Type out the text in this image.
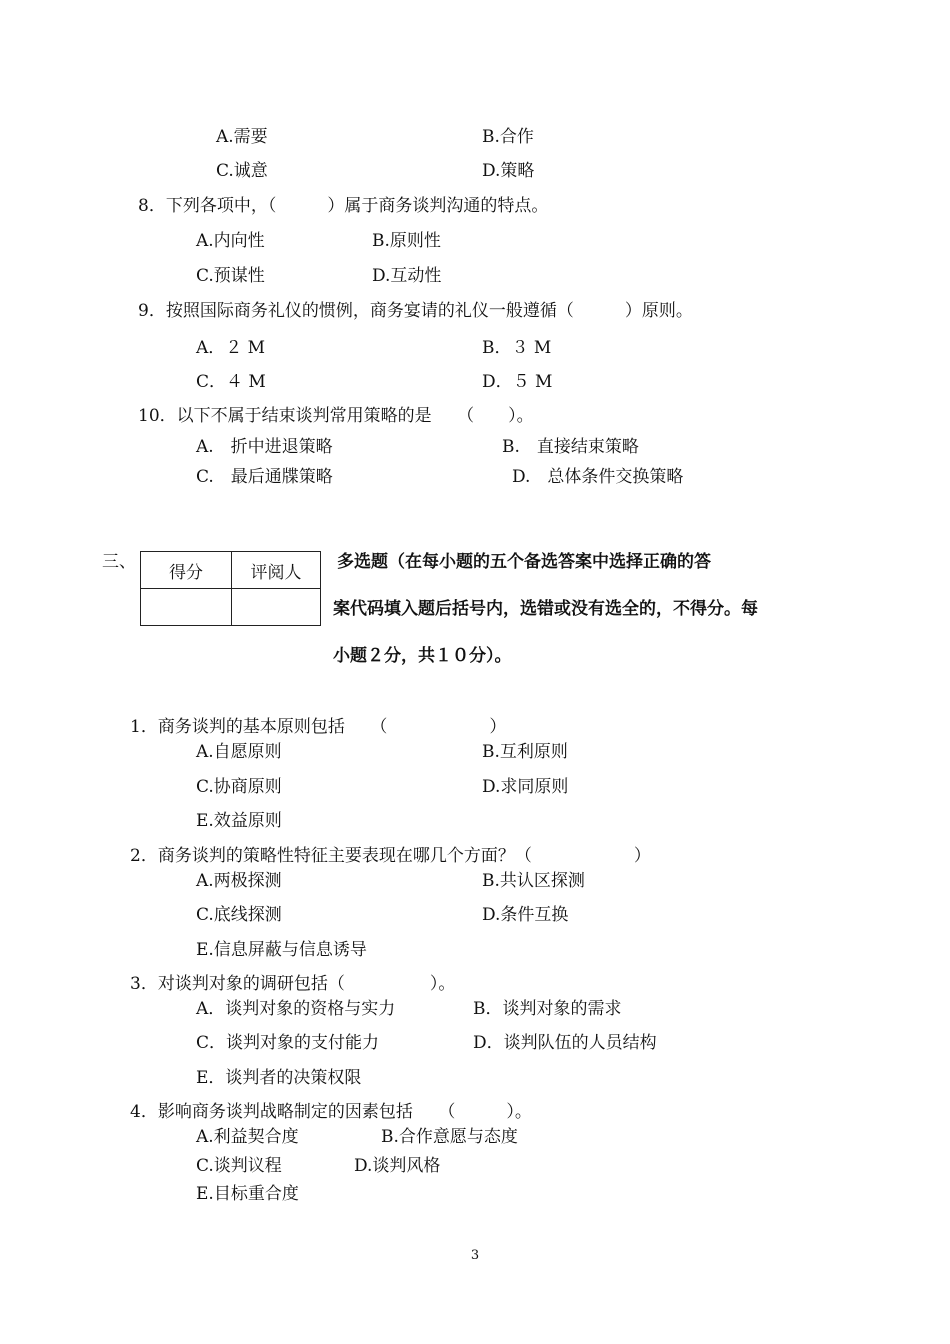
A.需要	B.合作
C.诚意	D.策略
8．下列各项中，（　　　）属于商务谈判沟通的特点。
A.内向性	B.原则性
C.预谋性	D.互动性
9．按照国际商务礼仪的惯例，商务宴请的礼仪一般遵循（　　　）原则。
A．２ M	B．３ M
C．４ M	D．５ M
10．以下不属于结束谈判常用策略的是　　（　　）。
A.　折中进退策略	B.　直接结束策略
C.　最后通牒策略	D.　总体条件交换策略
三、
得分	评阅人

多选题（在每小题的五个备选答案中选择正确的答
案代码填入题后括号内，选错或没有选全的，不得分。每
小题２分，共１０分）。
1．商务谈判的基本原则包括　　（　　　　　　）
A.自愿原则	B.互利原则
C.协商原则	D.求同原则
E.效益原则
2．商务谈判的策略性特征主要表现在哪几个方面？（　　　　　　）
A.两极探测	B.共认区探测
C.底线探测	D.条件互换
E.信息屏蔽与信息诱导
3．对谈判对象的调研包括（　　　　　）。
A．谈判对象的资格与实力	B．谈判对象的需求
C．谈判对象的支付能力	D．谈判队伍的人员结构
E．谈判者的决策权限
4．影响商务谈判战略制定的因素包括　　（　　　）。
A.利益契合度	B.合作意愿与态度
C.谈判议程	D.谈判风格
E.目标重合度
3
